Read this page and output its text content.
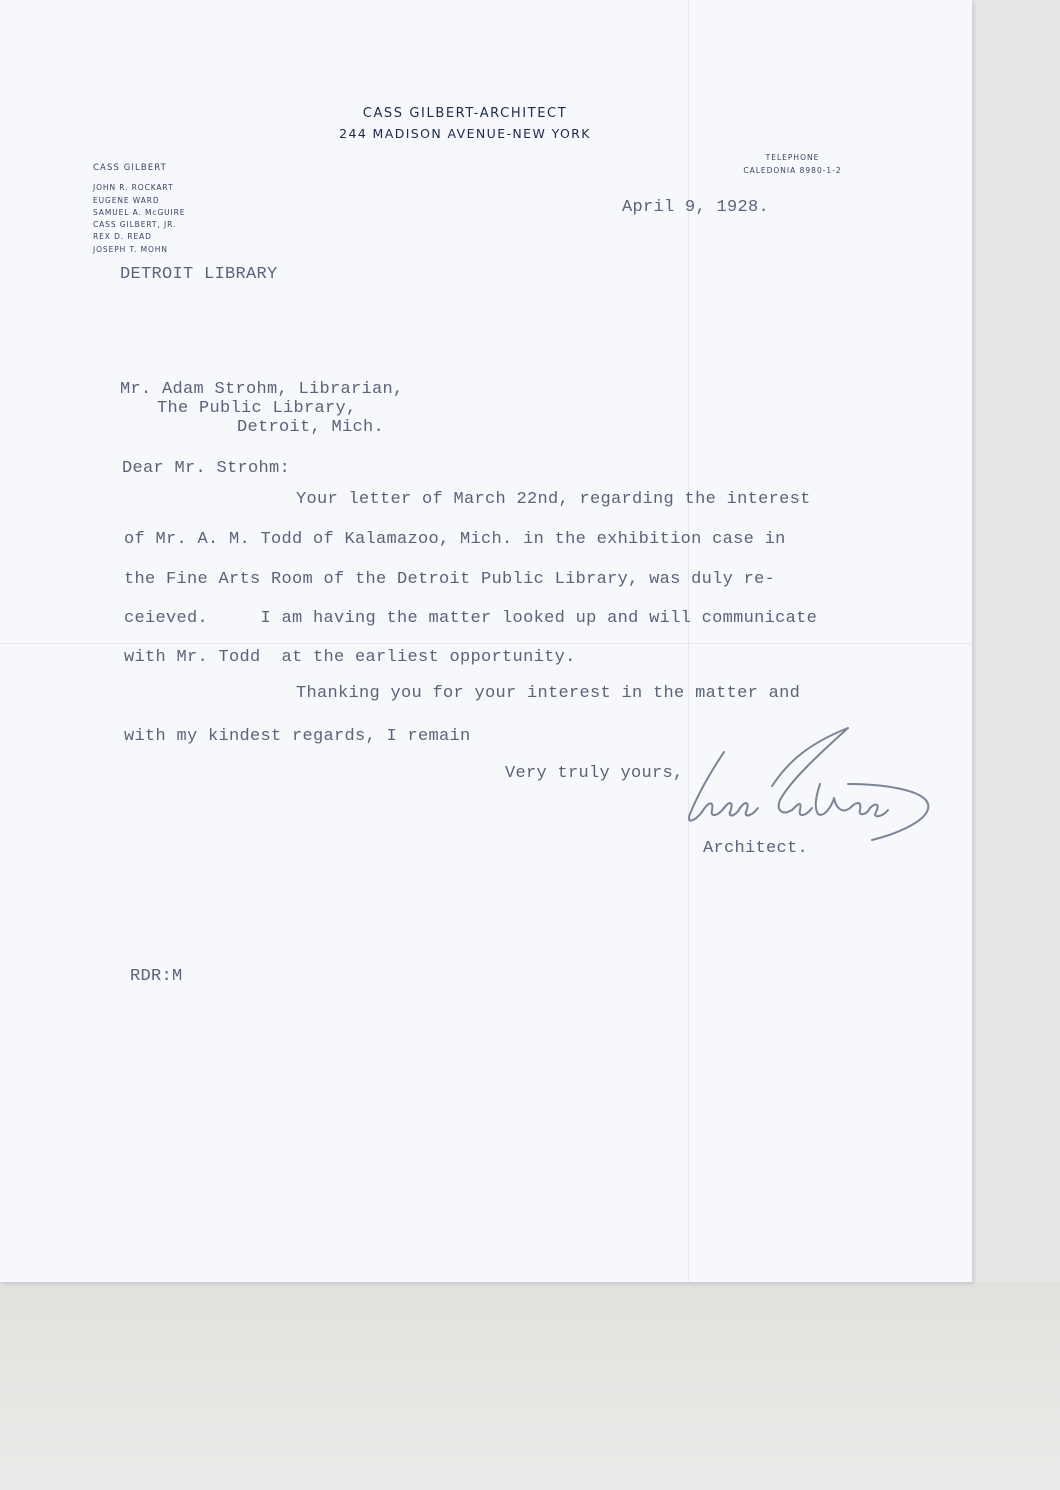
CASS GILBERT-ARCHITECT
244 MADISON AVENUE-NEW YORK
CASS GILBERT
JOHN R. ROCKART
EUGENE WARD
SAMUEL A. McGUIRE
CASS GILBERT, JR.
REX D. READ
JOSEPH T. MOHN
TELEPHONE
CALEDONIA 8980-1-2
April 9, 1928.
DETROIT LIBRARY
Mr. Adam Strohm, Librarian,
The Public Library,
Detroit, Mich.
Dear Mr. Strohm:
Your letter of March 22nd, regarding the interest
of Mr. A. M. Todd of Kalamazoo, Mich. in the exhibition case in
the Fine Arts Room of the Detroit Public Library, was duly re-
ceieved.     I am having the matter looked up and will communicate
with Mr. Todd  at the earliest opportunity.
Thanking you for your interest in the matter and
with my kindest regards, I remain
Very truly yours,
Architect.
RDR:M
